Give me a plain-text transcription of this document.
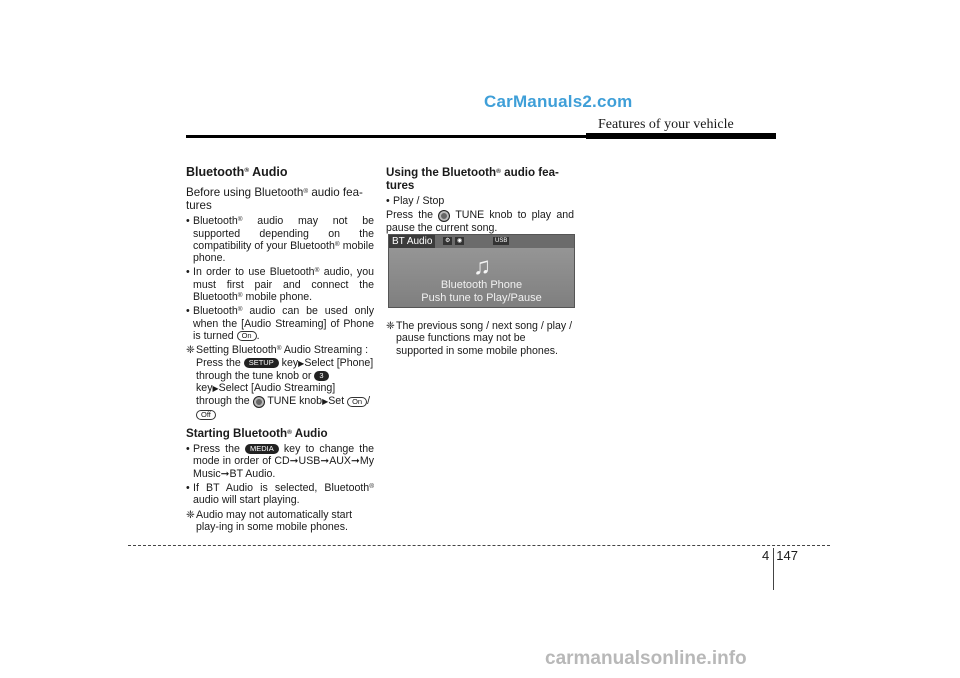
CarManuals2.com
Features of your vehicle
Bluetooth® Audio
Before using Bluetooth® audio fea-tures
• Bluetooth® audio may not be supported depending on the compatibility of your Bluetooth® mobile phone.
• In order to use Bluetooth® audio, you must first pair and connect the Bluetooth® mobile phone.
• Bluetooth® audio can be used only when the [Audio Streaming] of Phone is turned On .
❈ Setting Bluetooth® Audio Streaming : Press the SETUP key▶Select [Phone] through the tune knob or 3 key▶Select [Audio Streaming] through the  TUNE knob▶Set On /Off
Starting Bluetooth® Audio
• Press the MEDIA key to change the mode in order of CD➞USB➞AUX➞My Music➞BT Audio.
• If BT Audio is selected, Bluetooth® audio will start playing.
❈ Audio may not automatically start play-ing in some mobile phones.
Using the Bluetooth® audio fea-tures
• Play / Stop
Press the  TUNE knob to play and pause the current song.
BT Audio	⚙	◉	USB
♫
Bluetooth Phone
Push tune to Play/Pause
❈ The previous song / next song / play / pause functions may not be supported in some mobile phones.
4 147
carmanualsonline.info
